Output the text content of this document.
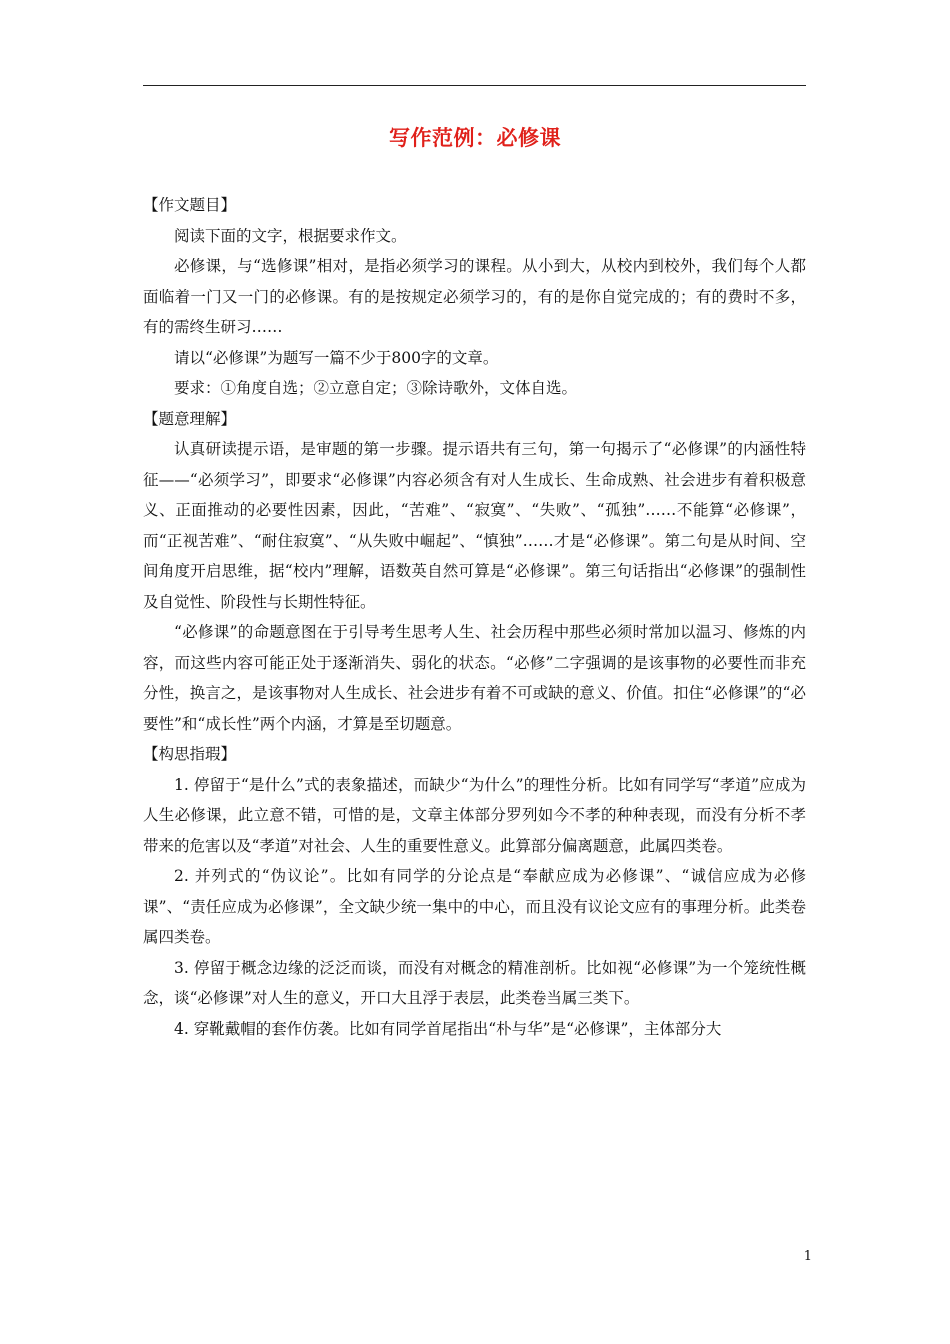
写作范例：必修课
【作文题目】

阅读下面的文字，根据要求作文。

必修课，与“选修课”相对，是指必须学习的课程。从小到大，从校内到校外，我们每个人都面临着一门又一门的必修课。有的是按规定必须学习的，有的是你自觉完成的；有的费时不多，有的需终生研习……

请以“必修课”为题写一篇不少于800字的文章。

要求：①角度自选；②立意自定；③除诗歌外，文体自选。

【题意理解】

认真研读提示语，是审题的第一步骤。提示语共有三句，第一句揭示了“必修课”的内涵性特征——“必须学习”，即要求“必修课”内容必须含有对人生成长、生命成熟、社会进步有着积极意义、正面推动的必要性因素，因此，“苦难”、“寂寞”、“失败”、“孤独”……不能算“必修课”，而“正视苦难”、“耐住寂寞”、“从失败中崛起”、“慎独”……才是“必修课”。第二句是从时间、空间角度开启思维，据“校内”理解，语数英自然可算是“必修课”。第三句话指出“必修课”的强制性及自觉性、阶段性与长期性特征。

“必修课”的命题意图在于引导考生思考人生、社会历程中那些必须时常加以温习、修炼的内容，而这些内容可能正处于逐渐消失、弱化的状态。“必修”二字强调的是该事物的必要性而非充分性，换言之，是该事物对人生成长、社会进步有着不可或缺的意义、价值。扣住“必修课”的“必要性”和“成长性”两个内涵，才算是至切题意。

【构思指瑕】

1. 停留于“是什么”式的表象描述，而缺少“为什么”的理性分析。比如有同学写“孝道”应成为人生必修课，此立意不错，可惜的是，文章主体部分罗列如今不孝的种种表现，而没有分析不孝带来的危害以及“孝道”对社会、人生的重要性意义。此算部分偏离题意，此属四类卷。

2. 并列式的“伪议论”。比如有同学的分论点是“奉献应成为必修课”、“诚信应成为必修课”、“责任应成为必修课”，全文缺少统一集中的中心，而且没有议论文应有的事理分析。此类卷属四类卷。

3. 停留于概念边缘的泛泛而谈，而没有对概念的精准剖析。比如视“必修课”为一个笼统性概念，谈“必修课”对人生的意义，开口大且浮于表层，此类卷当属三类下。

4. 穿靴戴帽的套作仿袭。比如有同学首尾指出“朴与华”是“必修课”，主体部分大

1
